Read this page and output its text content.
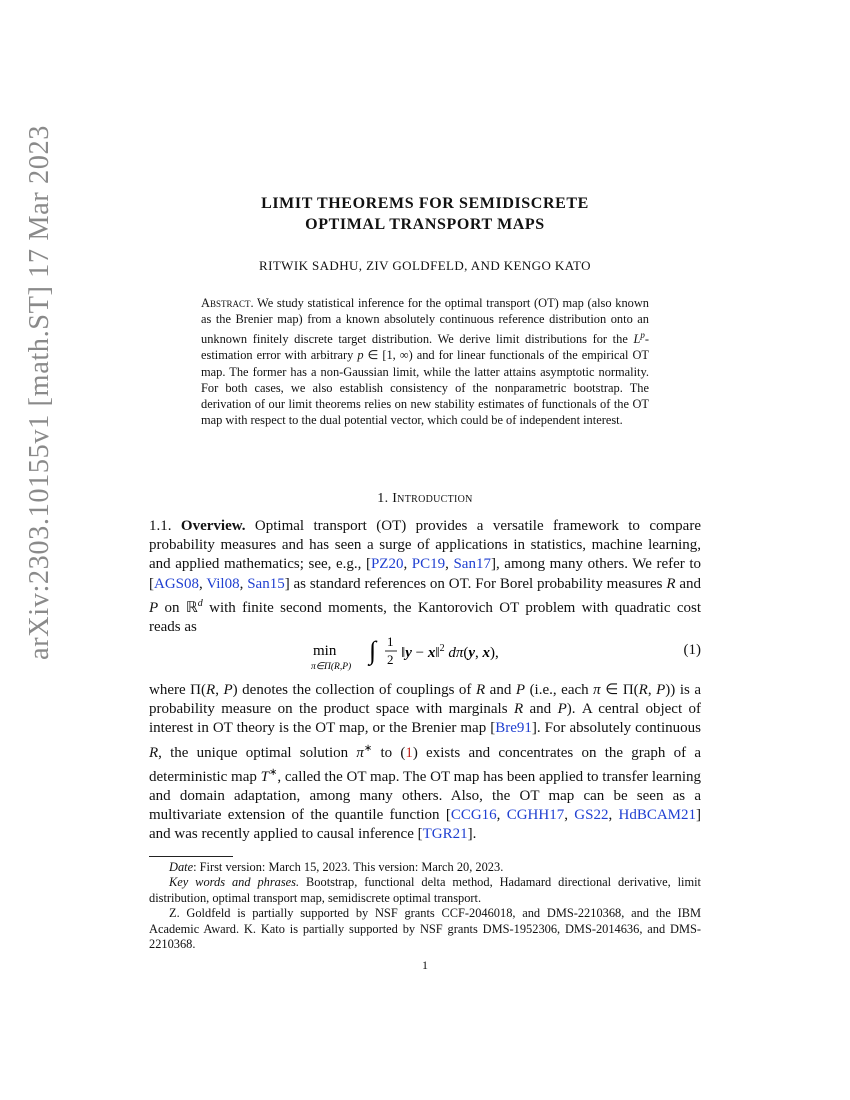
arXiv:2303.10155v1 [math.ST] 17 Mar 2023	LIMIT THEOREMS FOR SEMIDISCRETE
OPTIMAL TRANSPORT MAPS
RITWIK SADHU, ZIV GOLDFELD, AND KENGO KATO
Abstract. We study statistical inference for the optimal transport (OT) map (also known as the Brenier map) from a known absolutely continuous reference distribution onto an unknown finitely discrete target distribution. We derive limit distributions for the $L^p$-estimation error with arbitrary p ∈ [1, ∞) and for linear functionals of the empirical OT map. The former has a non-Gaussian limit, while the latter attains asymptotic normality. For both cases, we also establish consistency of the nonparametric bootstrap. The derivation of our limit theorems relies on new stability estimates of functionals of the OT map with respect to the dual potential vector, which could be of independent interest.
1. Introduction
1.1. Overview. Optimal transport (OT) provides a versatile framework to compare probability measures and has seen a surge of applications in statistics, machine learning, and applied mathematics; see, e.g., [PZ20, PC19, San17], among many others. We refer to [AGS08, Vil08, San15] as standard references on OT. For Borel probability measures R and P on ℝ$^d$ with finite second moments, the Kantorovich OT problem with quadratic cost reads as
min
π∈Π(R,P)
∫ 1
2 ‖y − x‖$^2$ dπ(y, x),	(1)
where Π(R, P) denotes the collection of couplings of R and P (i.e., each π ∈ Π(R, P)) is a probability measure on the product space with marginals R and P). A central object of interest in OT theory is the OT map, or the Brenier map [Bre91]. For absolutely continuous R, the unique optimal solution π∗ to (1) exists and concentrates on the graph of a deterministic map T∗, called the OT map. The OT map has been applied to transfer learning and domain adaptation, among many others. Also, the OT map can be seen as a multivariate extension of the quantile function [CCG16, CGHH17, GS22, HdBCAM21] and was recently applied to causal inference [TGR21].

Date: First version: March 15, 2023. This version: March 20, 2023.

Key words and phrases. Bootstrap, functional delta method, Hadamard directional derivative, limit distribution, optimal transport map, semidiscrete optimal transport.

Z. Goldfeld is partially supported by NSF grants CCF-2046018, and DMS-2210368, and the IBM Academic Award. K. Kato is partially supported by NSF grants DMS-1952306, DMS-2014636, and DMS-2210368.

1
